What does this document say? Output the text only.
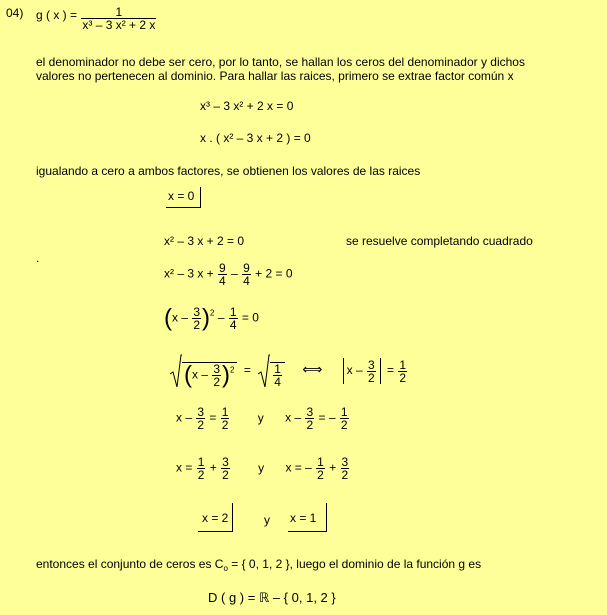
04) g ( x ) = $\frac{1}{\text{x³ – 3 x² + 2 x}}$
el denominador no debe ser cero, por lo tanto, se hallan los ceros del denominador y dichos
valores no pertenecen al dominio. Para hallar las raices, primero se extrae factor común x
x³ – 3 x² + 2 x = 0
x . ( x² – 3 x + 2 ) = 0
igualando a cero a ambos factores, se obtienen los valores de las raices
x = 0
x² – 3 x + 2 = 0	se resuelve completando cuadrado
.
x² – 3 $x + \frac{9}{4} - \frac{9}{4} + 2 = 0$
$(x - \frac{3}{2} )^2 - \frac{1}{4} = 0$
$(x - \frac{3}{2} )^2 = \frac{1}{4}$ ⟺ $x - \frac{3}{2} = \frac{1}{2}$
$x - \frac{3}{2} = \frac{1}{2}$ y x – $\frac{3}{2}$ = – $\frac{1}{2}$
$x = \frac{1}{2} + \frac{3}{2}$ y x = – $\frac{1}{2} + \frac{3}{2}$
x = 2	y x = 1
entonces el conjunto de ceros es $C_o$ = { 0, 1, 2 }, luego el dominio de la función g es
D ( g ) = ℝ – { 0, 1, 2 }
